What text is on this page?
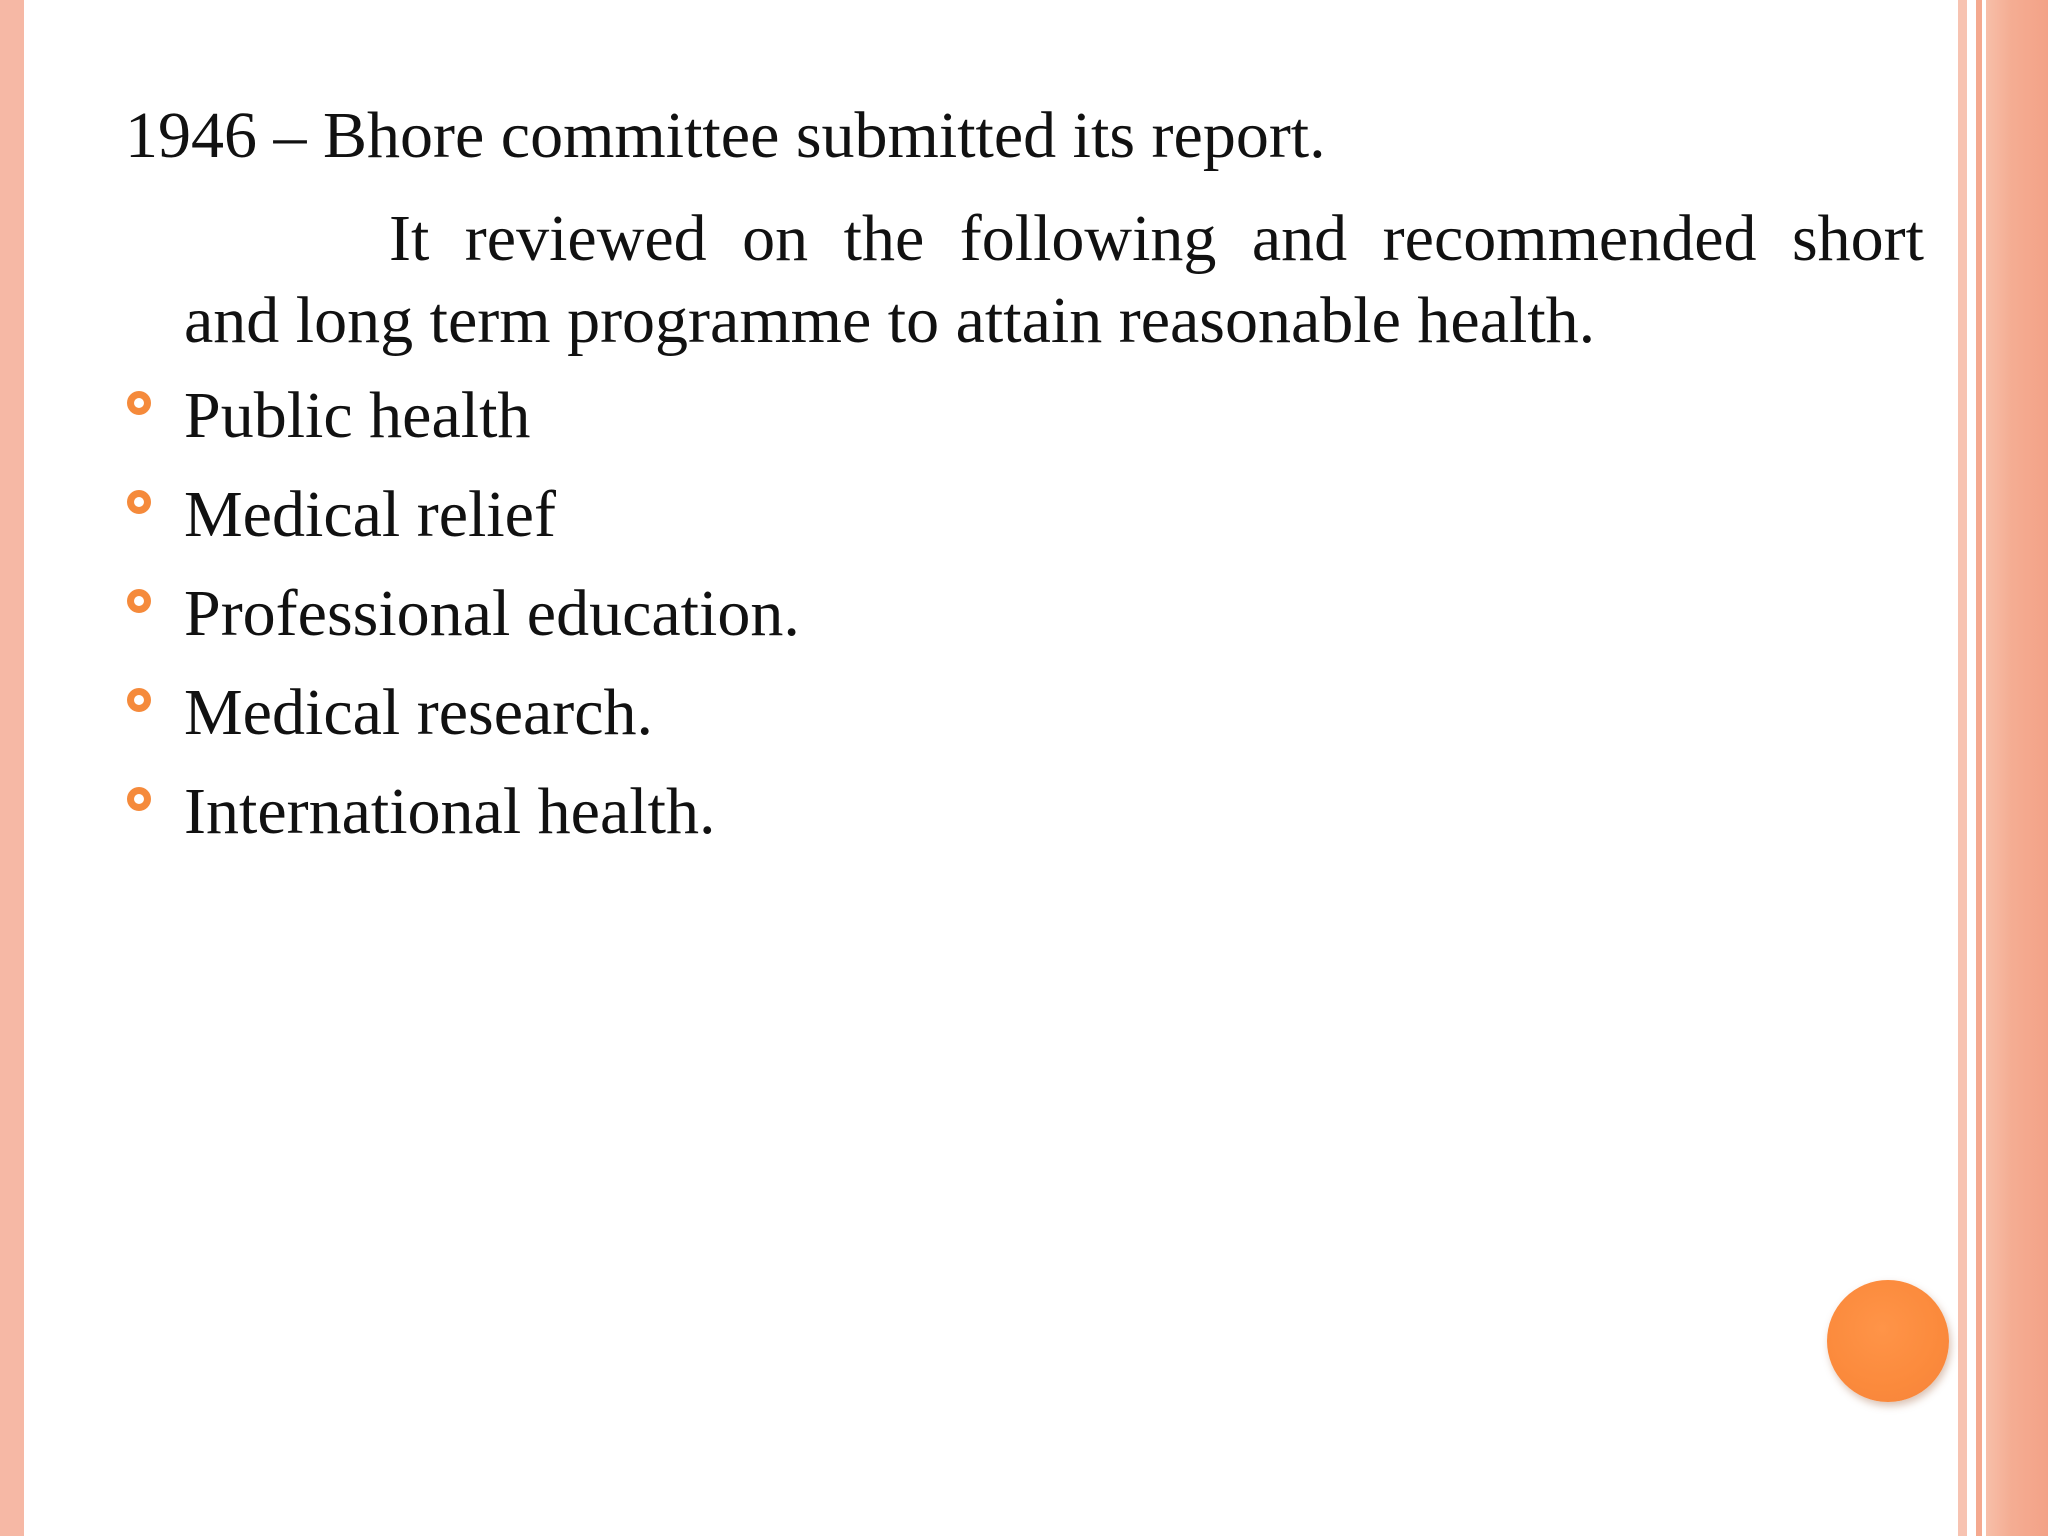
1946 – Bhore committee submitted its report.

It reviewed on the following and recommended short
and long term programme to attain reasonable health.

Public health
Medical relief
Professional education.
Medical research.
International health.
